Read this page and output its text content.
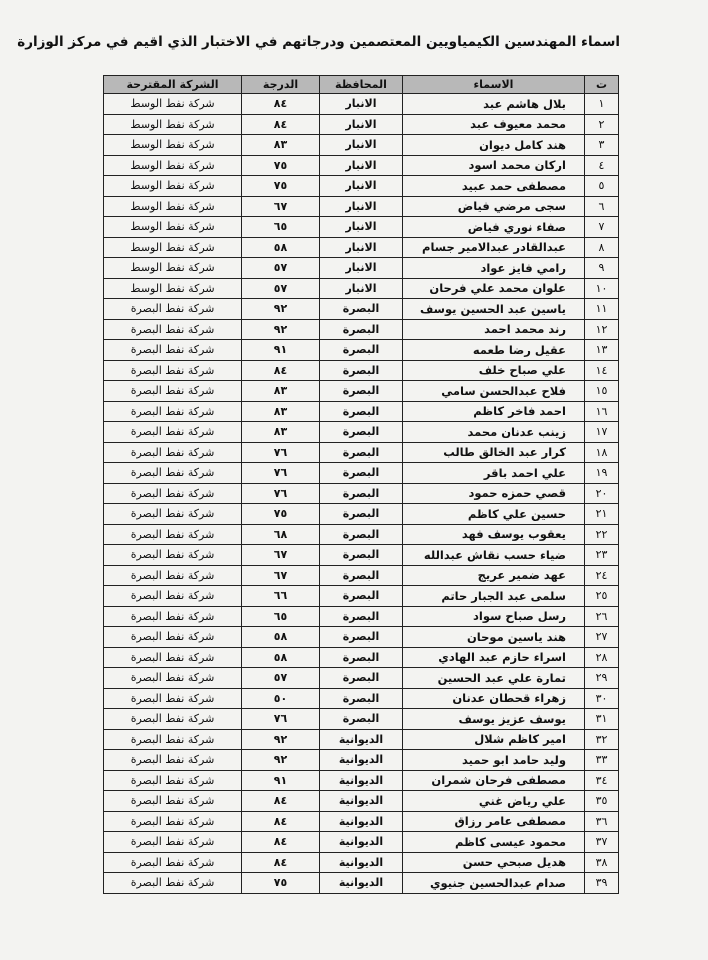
اسماء المهندسين الكيمياويين المعتصمين ودرجاتهم في الاختبار الذي اقيم في مركز الوزارة
ت	الاسماء	المحافظة	الدرجة	الشركة المقترحة
١	بلال هاشم عبد	الانبار	٨٤	شركة نفط الوسط
٢	محمد معيوف عبد	الانبار	٨٤	شركة نفط الوسط
٣	هند كامل ديوان	الانبار	٨٣	شركة نفط الوسط
٤	اركان محمد اسود	الانبار	٧٥	شركة نفط الوسط
٥	مصطفى حمد عبيد	الانبار	٧٥	شركة نفط الوسط
٦	سجى مرضي فياض	الانبار	٦٧	شركة نفط الوسط
٧	صفاء نوري فياض	الانبار	٦٥	شركة نفط الوسط
٨	عبدالقادر عبدالامير جسام	الانبار	٥٨	شركة نفط الوسط
٩	رامي فايز عواد	الانبار	٥٧	شركة نفط الوسط
١٠	علوان محمد علي فرحان	الانبار	٥٧	شركة نفط الوسط
١١	ياسين عبد الحسين يوسف	البصرة	٩٢	شركة نفط البصرة
١٢	رند محمد احمد	البصرة	٩٢	شركة نفط البصرة
١٣	عقيل رضا طعمه	البصرة	٩١	شركة نفط البصرة
١٤	علي صباح خلف	البصرة	٨٤	شركة نفط البصرة
١٥	فلاح عبدالحسن سامي	البصرة	٨٣	شركة نفط البصرة
١٦	احمد فاخر كاظم	البصرة	٨٣	شركة نفط البصرة
١٧	زينب عدنان محمد	البصرة	٨٣	شركة نفط البصرة
١٨	كرار عبد الخالق طالب	البصرة	٧٦	شركة نفط البصرة
١٩	علي احمد باقر	البصرة	٧٦	شركة نفط البصرة
٢٠	قصي حمزه حمود	البصرة	٧٦	شركة نفط البصرة
٢١	حسين علي كاظم	البصرة	٧٥	شركة نفط البصرة
٢٢	يعقوب يوسف فهد	البصرة	٦٨	شركة نفط البصرة
٢٣	ضياء حسب نقاش عبدالله	البصرة	٦٧	شركة نفط البصرة
٢٤	عهد ضمير عريج	البصرة	٦٧	شركة نفط البصرة
٢٥	سلمى عبد الجبار حاتم	البصرة	٦٦	شركة نفط البصرة
٢٦	رسل صباح سواد	البصرة	٦٥	شركة نفط البصرة
٢٧	هند ياسين موحان	البصرة	٥٨	شركة نفط البصرة
٢٨	اسراء حازم عبد الهادي	البصرة	٥٨	شركة نفط البصرة
٢٩	تمارة علي عبد الحسين	البصرة	٥٧	شركة نفط البصرة
٣٠	زهراء قحطان عدنان	البصرة	٥٠	شركة نفط البصرة
٣١	يوسف عزيز يوسف	البصرة	٧٦	شركة نفط البصرة
٣٢	امير كاظم شلال	الديوانية	٩٢	شركة نفط البصرة
٣٣	وليد حامد ابو حميد	الديوانية	٩٢	شركة نفط البصرة
٣٤	مصطفى فرحان شمران	الديوانية	٩١	شركة نفط البصرة
٣٥	علي رياض غني	الديوانية	٨٤	شركة نفط البصرة
٣٦	مصطفى عامر رزاق	الديوانية	٨٤	شركة نفط البصرة
٣٧	محمود عيسى كاظم	الديوانية	٨٤	شركة نفط البصرة
٣٨	هديل صبحي حسن	الديوانية	٨٤	شركة نفط البصرة
٣٩	صدام عبدالحسين جنيوي	الديوانية	٧٥	شركة نفط البصرة
